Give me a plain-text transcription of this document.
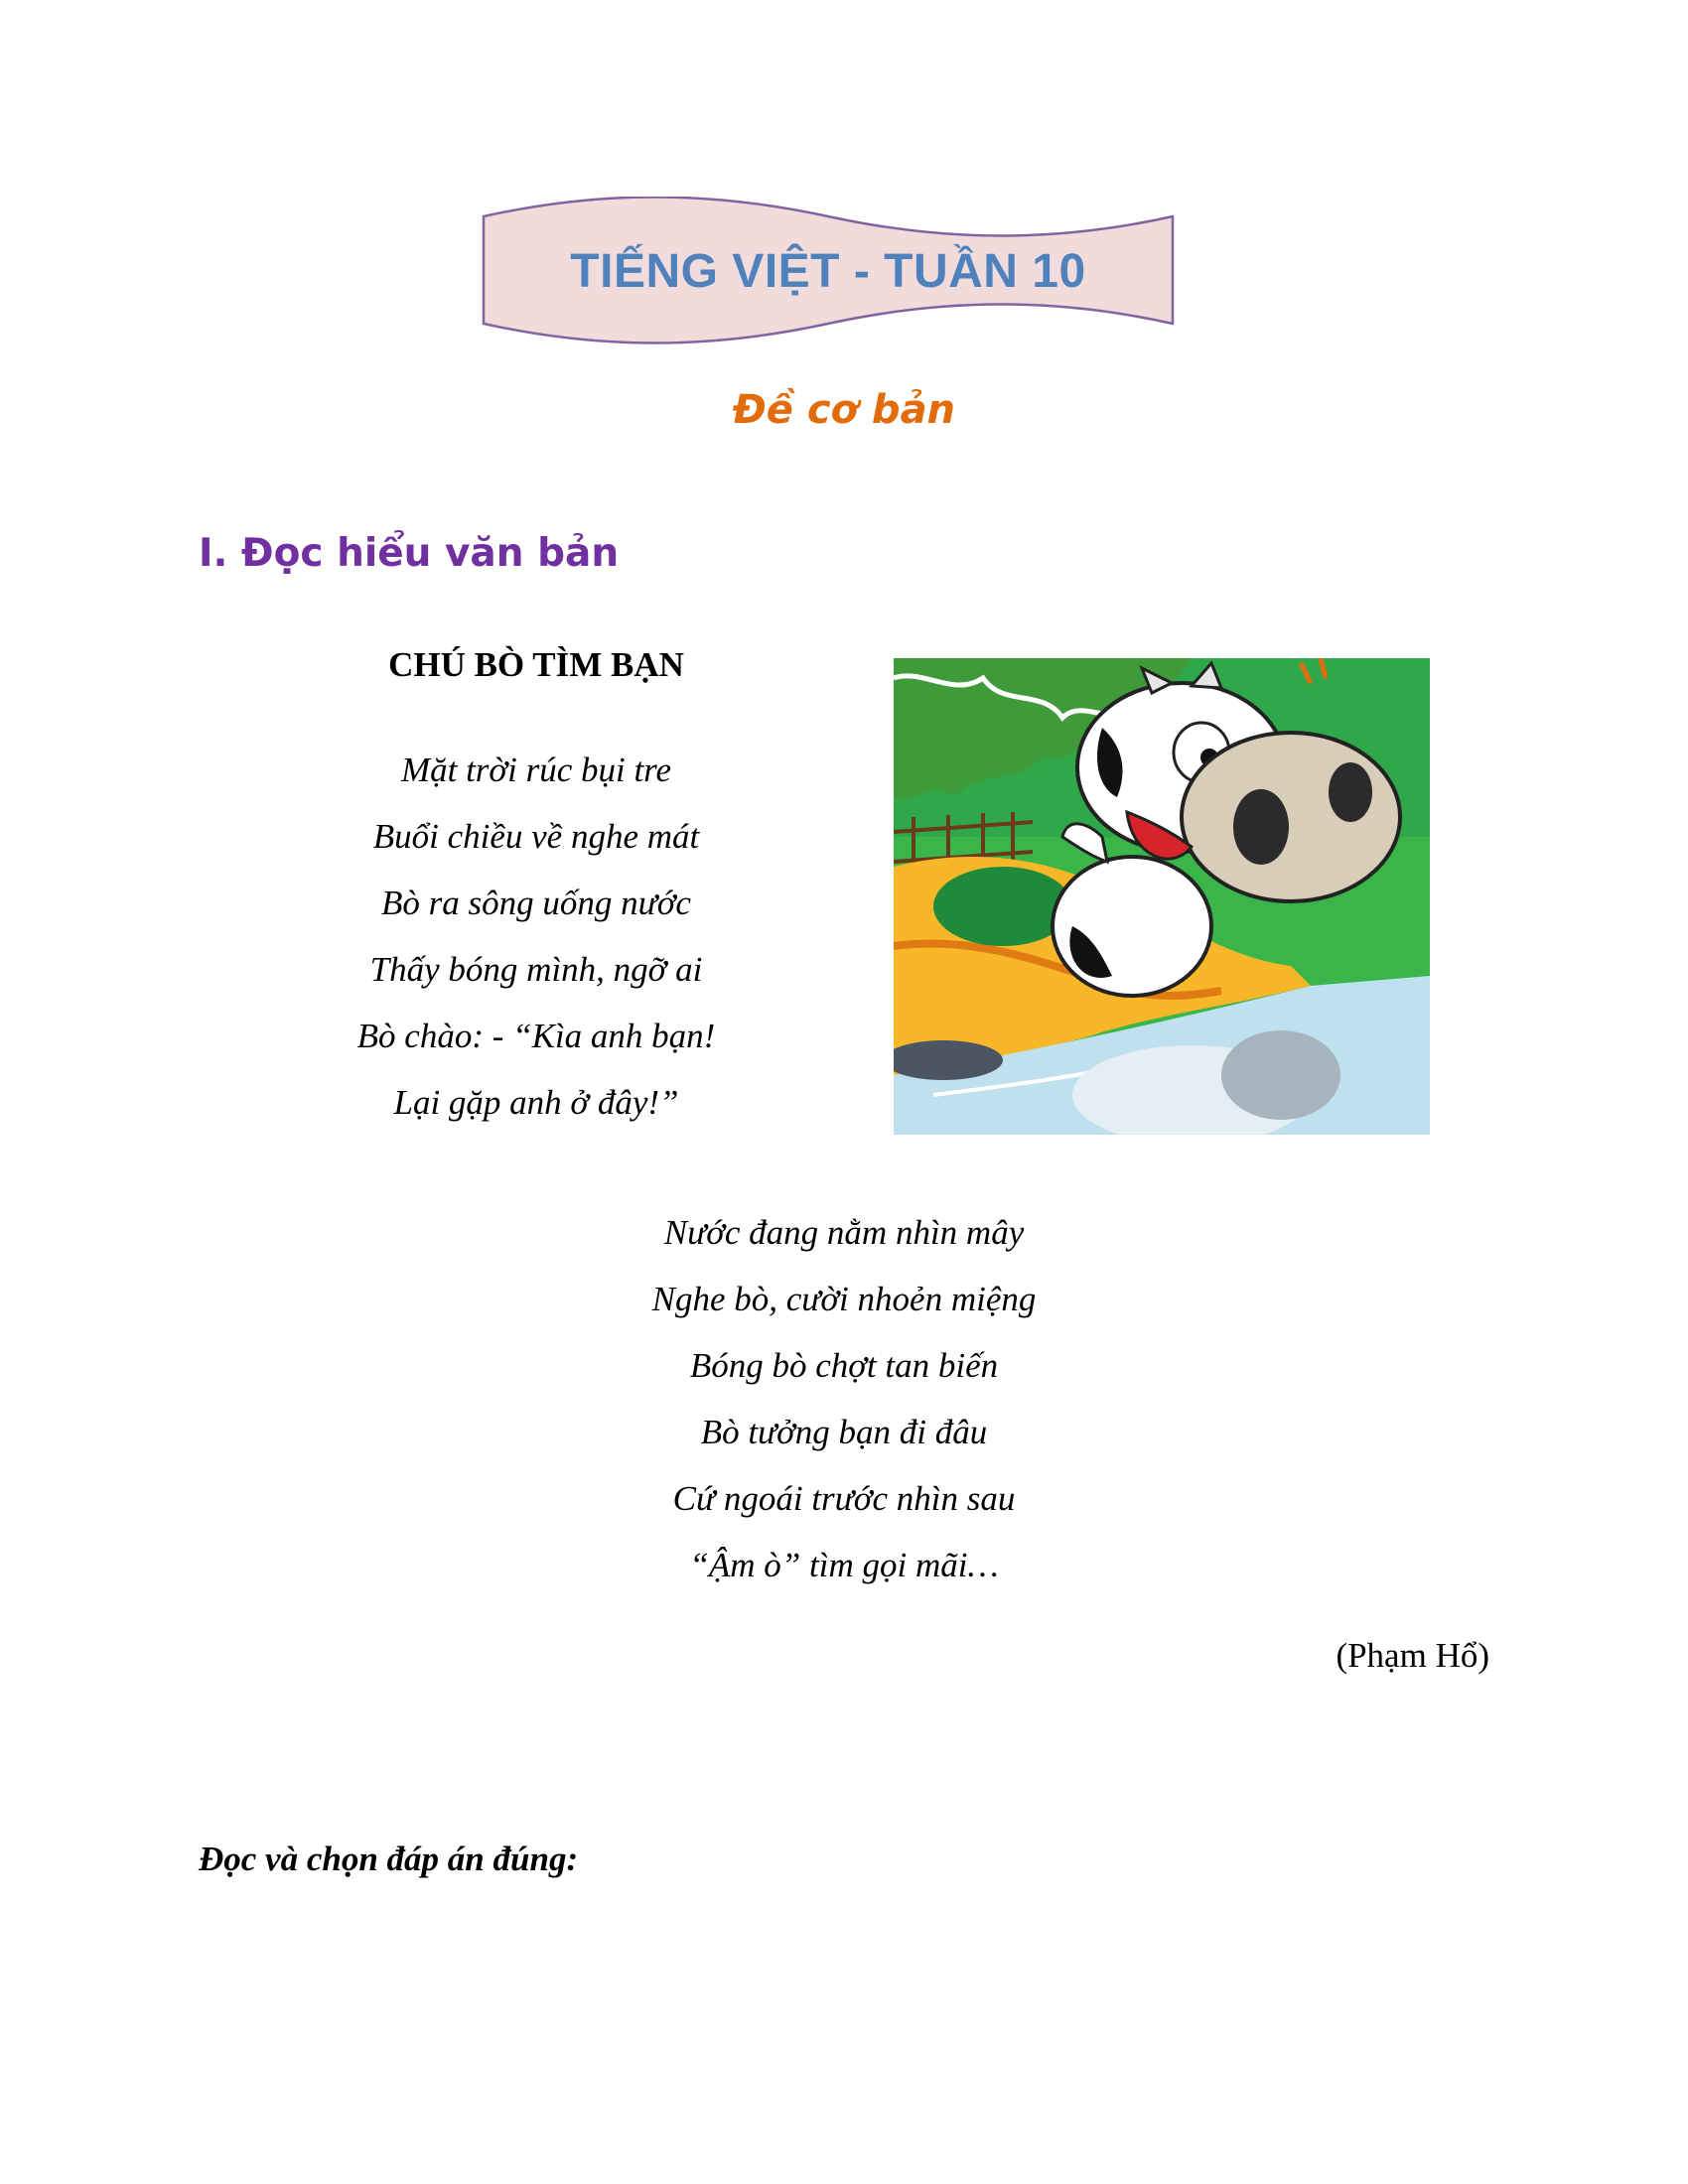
TIẾNG VIỆT - TUẦN 10
Đề cơ bản
I. Đọc hiểu văn bản
CHÚ BÒ TÌM BẠN
Mặt trời rúc bụi tre
Buổi chiều về nghe mát
Bò ra sông uống nước
Thấy bóng mình, ngỡ ai
Bò chào: - “Kìa anh bạn!
Lại gặp anh ở đây!”
Nước đang nằm nhìn mây
Nghe bò, cười nhoẻn miệng
Bóng bò chợt tan biến
Bò tưởng bạn đi đâu
Cứ ngoái trước nhìn sau
“Ậm ò” tìm gọi mãi…
(Phạm Hổ)
Đọc và chọn đáp án đúng:
